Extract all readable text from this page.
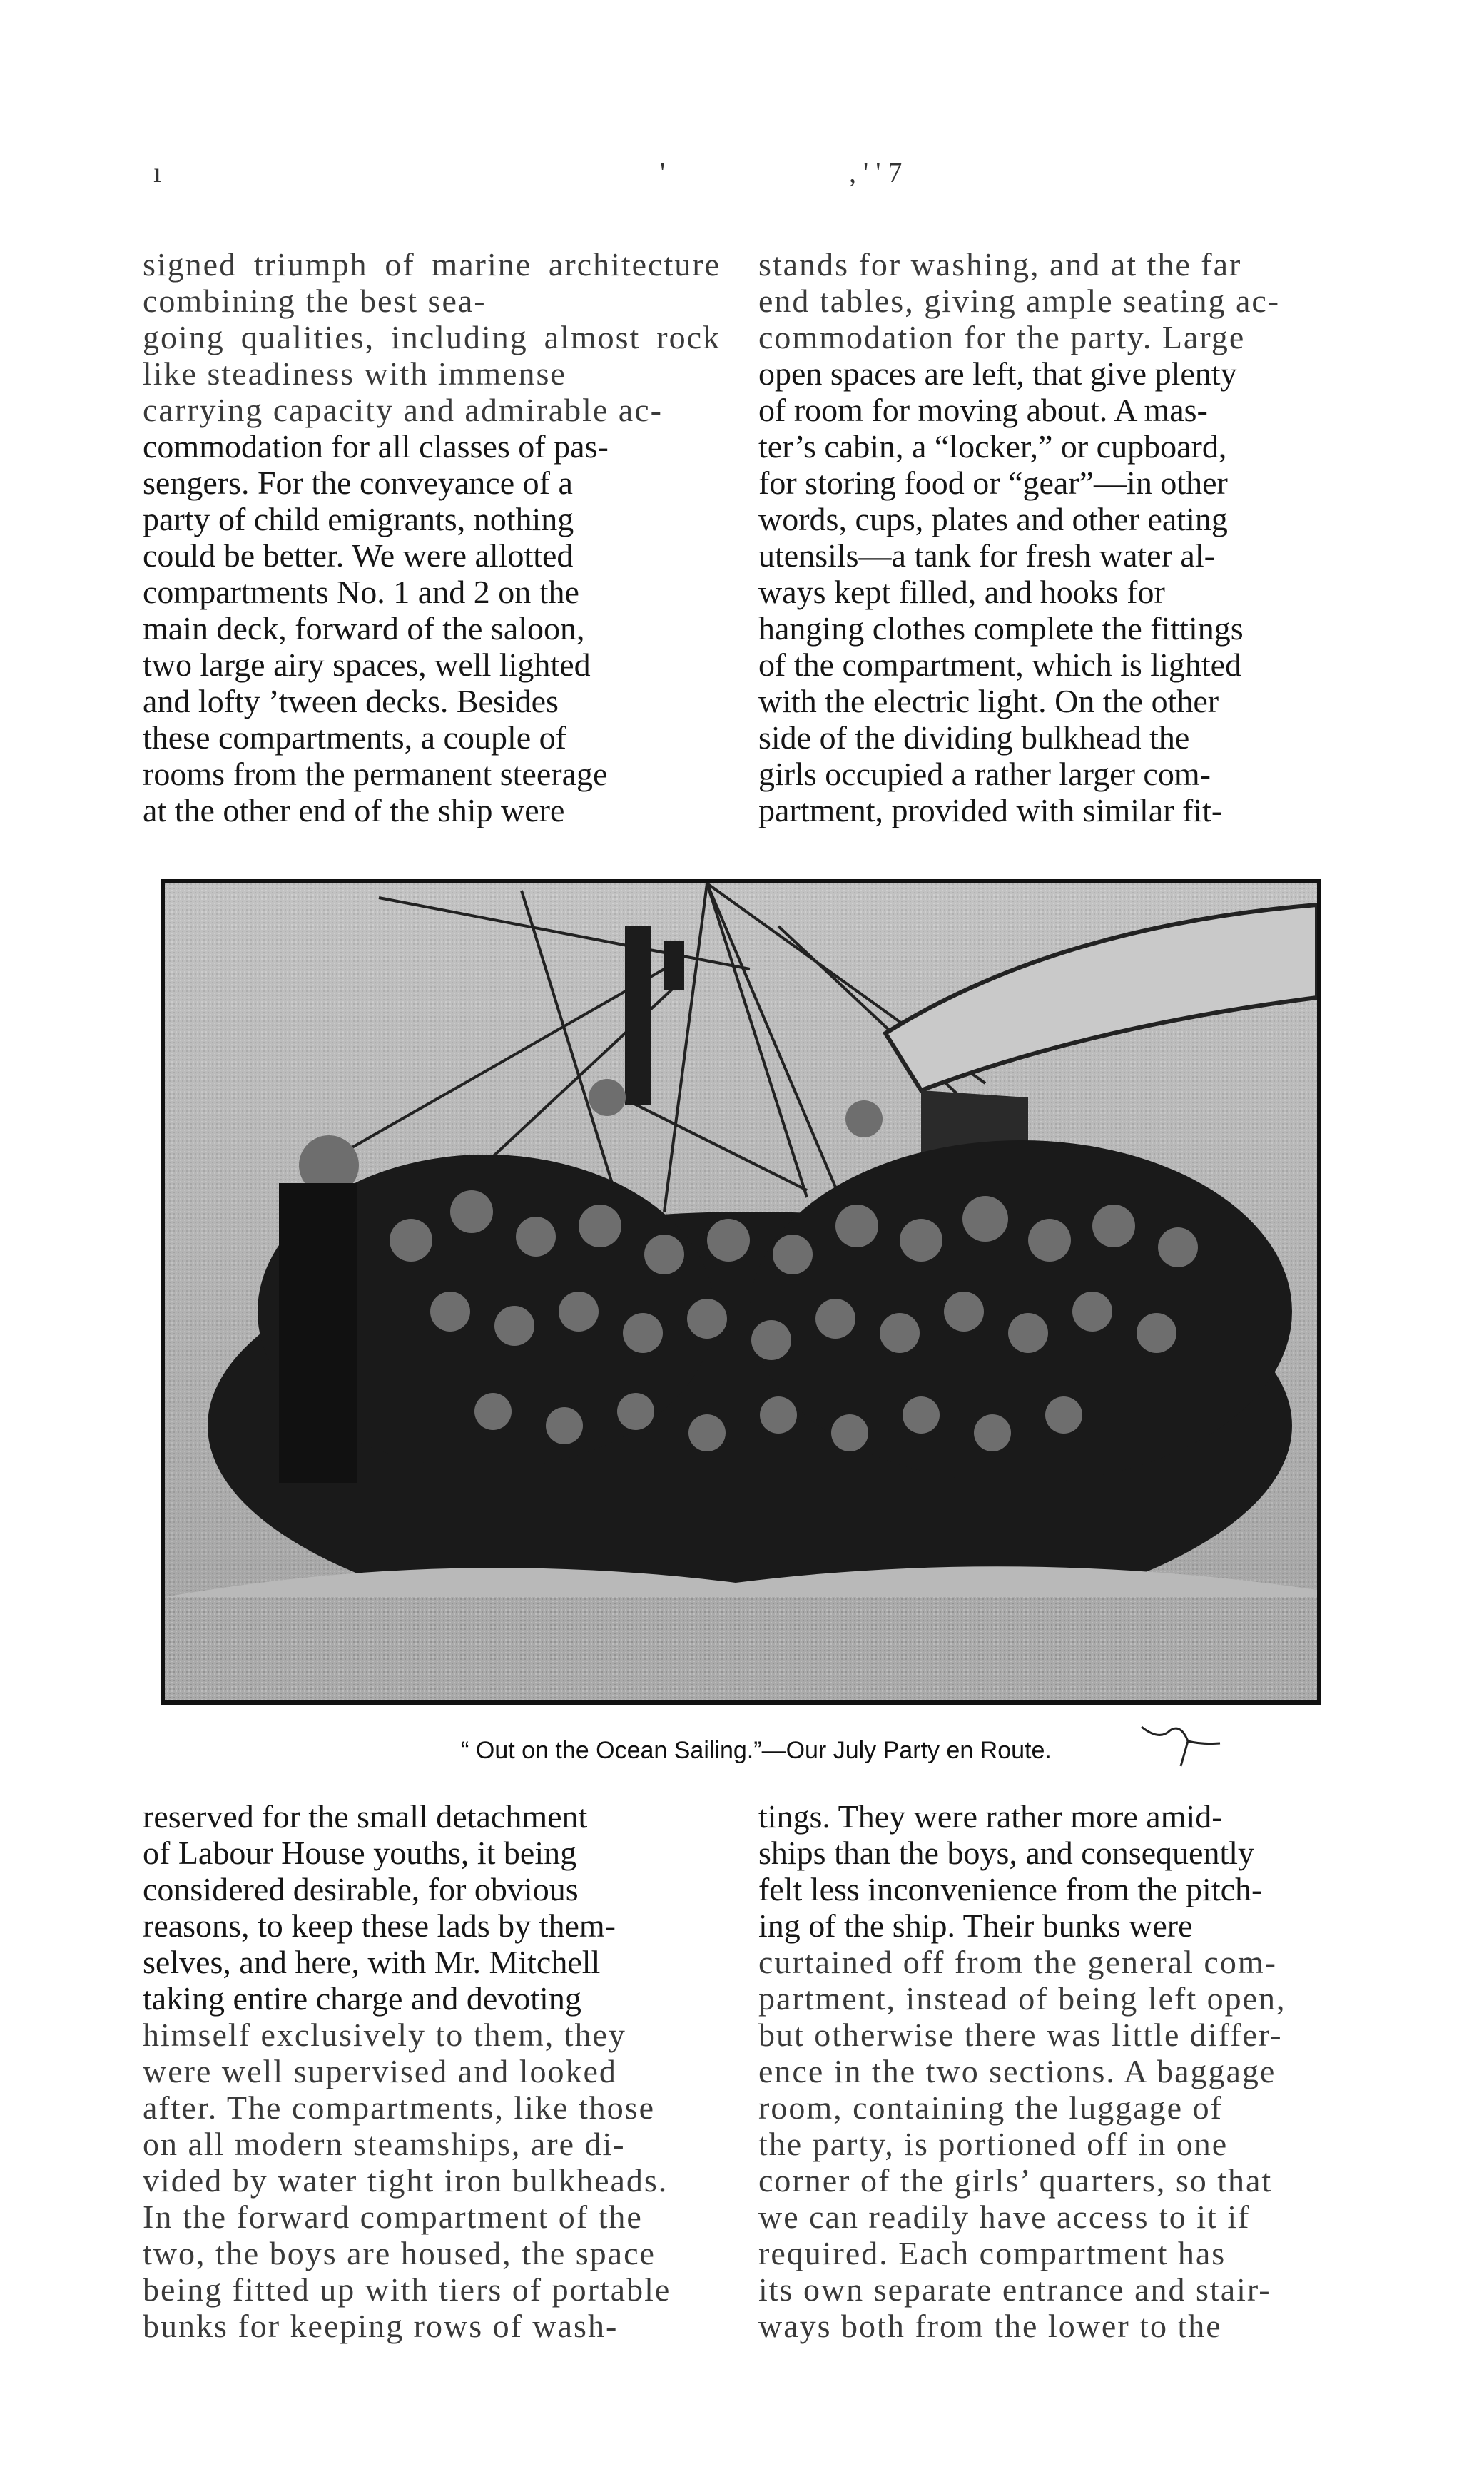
ı	'	, ' ' 7

signed triumph of marine architecture combining the best sea-

going qualities, including almost rock like steadiness with immense

carrying capacity and admirable ac-

commodation for all classes of pas-

sengers. For the conveyance of a

party of child emigrants, nothing

could be better. We were allotted

compartments No. 1 and 2 on the

main deck, forward of the saloon,

two large airy spaces, well lighted

and lofty ’tween decks. Besides

these compartments, a couple of

rooms from the permanent steerage

at the other end of the ship were

stands for washing, and at the far

end tables, giving ample seating ac-

commodation for the party. Large

open spaces are left, that give plenty

of room for moving about. A mas-

ter’s cabin, a “locker,” or cupboard,

for storing food or “gear”—in other

words, cups, plates and other eating

utensils—a tank for fresh water al-

ways kept filled, and hooks for

hanging clothes complete the fittings

of the compartment, which is lighted

with the electric light. On the other

side of the dividing bulkhead the

girls occupied a rather larger com-

partment, provided with similar fit-

“ Out on the Ocean Sailing.”—Our July Party en Route.

reserved for the small detachment

of Labour House youths, it being

considered desirable, for obvious

reasons, to keep these lads by them-

selves, and here, with Mr. Mitchell

taking entire charge and devoting

himself exclusively to them, they

were well supervised and looked

after. The compartments, like those

on all modern steamships, are di-

vided by water tight iron bulkheads.

In the forward compartment of the

two, the boys are housed, the space

being fitted up with tiers of portable

bunks for keeping rows of wash-

tings. They were rather more amid-

ships than the boys, and consequently

felt less inconvenience from the pitch-

ing of the ship. Their bunks were

curtained off from the general com-

partment, instead of being left open,

but otherwise there was little differ-

ence in the two sections. A baggage

room, containing the luggage of

the party, is portioned off in one

corner of the girls’ quarters, so that

we can readily have access to it if

required. Each compartment has

its own separate entrance and stair-

ways both from the lower to the
